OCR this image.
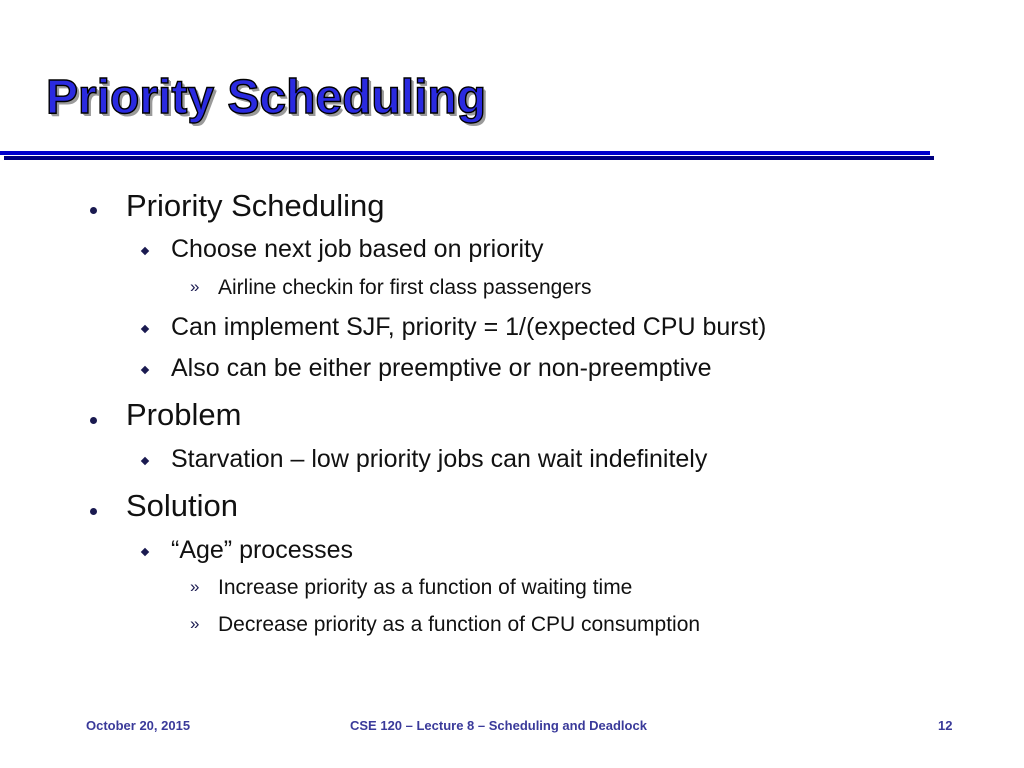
Priority Scheduling
Priority Scheduling
Choose next job based on priority
» Airline checkin for first class passengers
Can implement SJF, priority = 1/(expected CPU burst)
Also can be either preemptive or non-preemptive
Problem
Starvation – low priority jobs can wait indefinitely
Solution
“Age” processes
» Increase priority as a function of waiting time
» Decrease priority as a function of CPU consumption
October 20, 2015	CSE 120 – Lecture 8 – Scheduling and Deadlock	12
